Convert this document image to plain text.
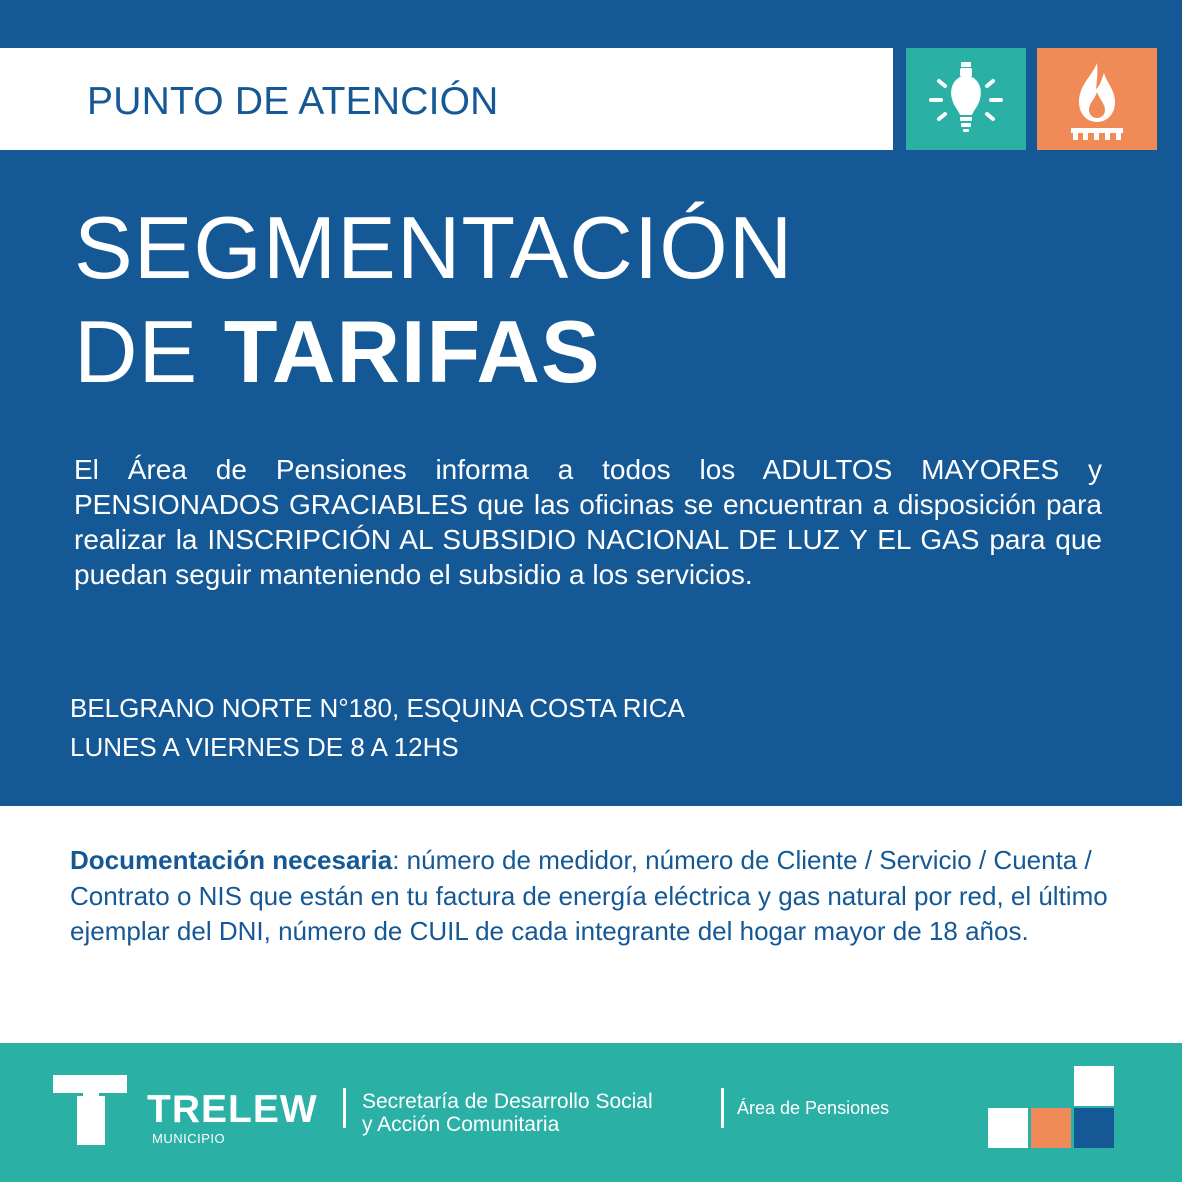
PUNTO DE ATENCIÓN
SEGMENTACIÓN
DE TARIFAS

El Área de Pensiones informa a todos los ADULTOS MAYORES y PENSIONADOS GRACIABLES que las oficinas se encuentran a disposición para realizar la INSCRIPCIÓN AL SUBSIDIO NACIONAL DE LUZ Y EL GAS para que puedan seguir manteniendo el subsidio a los servicios.

BELGRANO NORTE N°180, ESQUINA COSTA RICA
LUNES A VIERNES DE 8 A 12HS

Documentación necesaria: número de medidor, número de Cliente / Servicio / Cuenta / Contrato o NIS que están en tu factura de energía eléctrica y gas natural por red, el último ejemplar del DNI, número de CUIL de cada integrante del hogar mayor de 18 años.

TRELEW
MUNICIPIO
Secretaría de Desarrollo Social
y Acción Comunitaria
Área de Pensiones
